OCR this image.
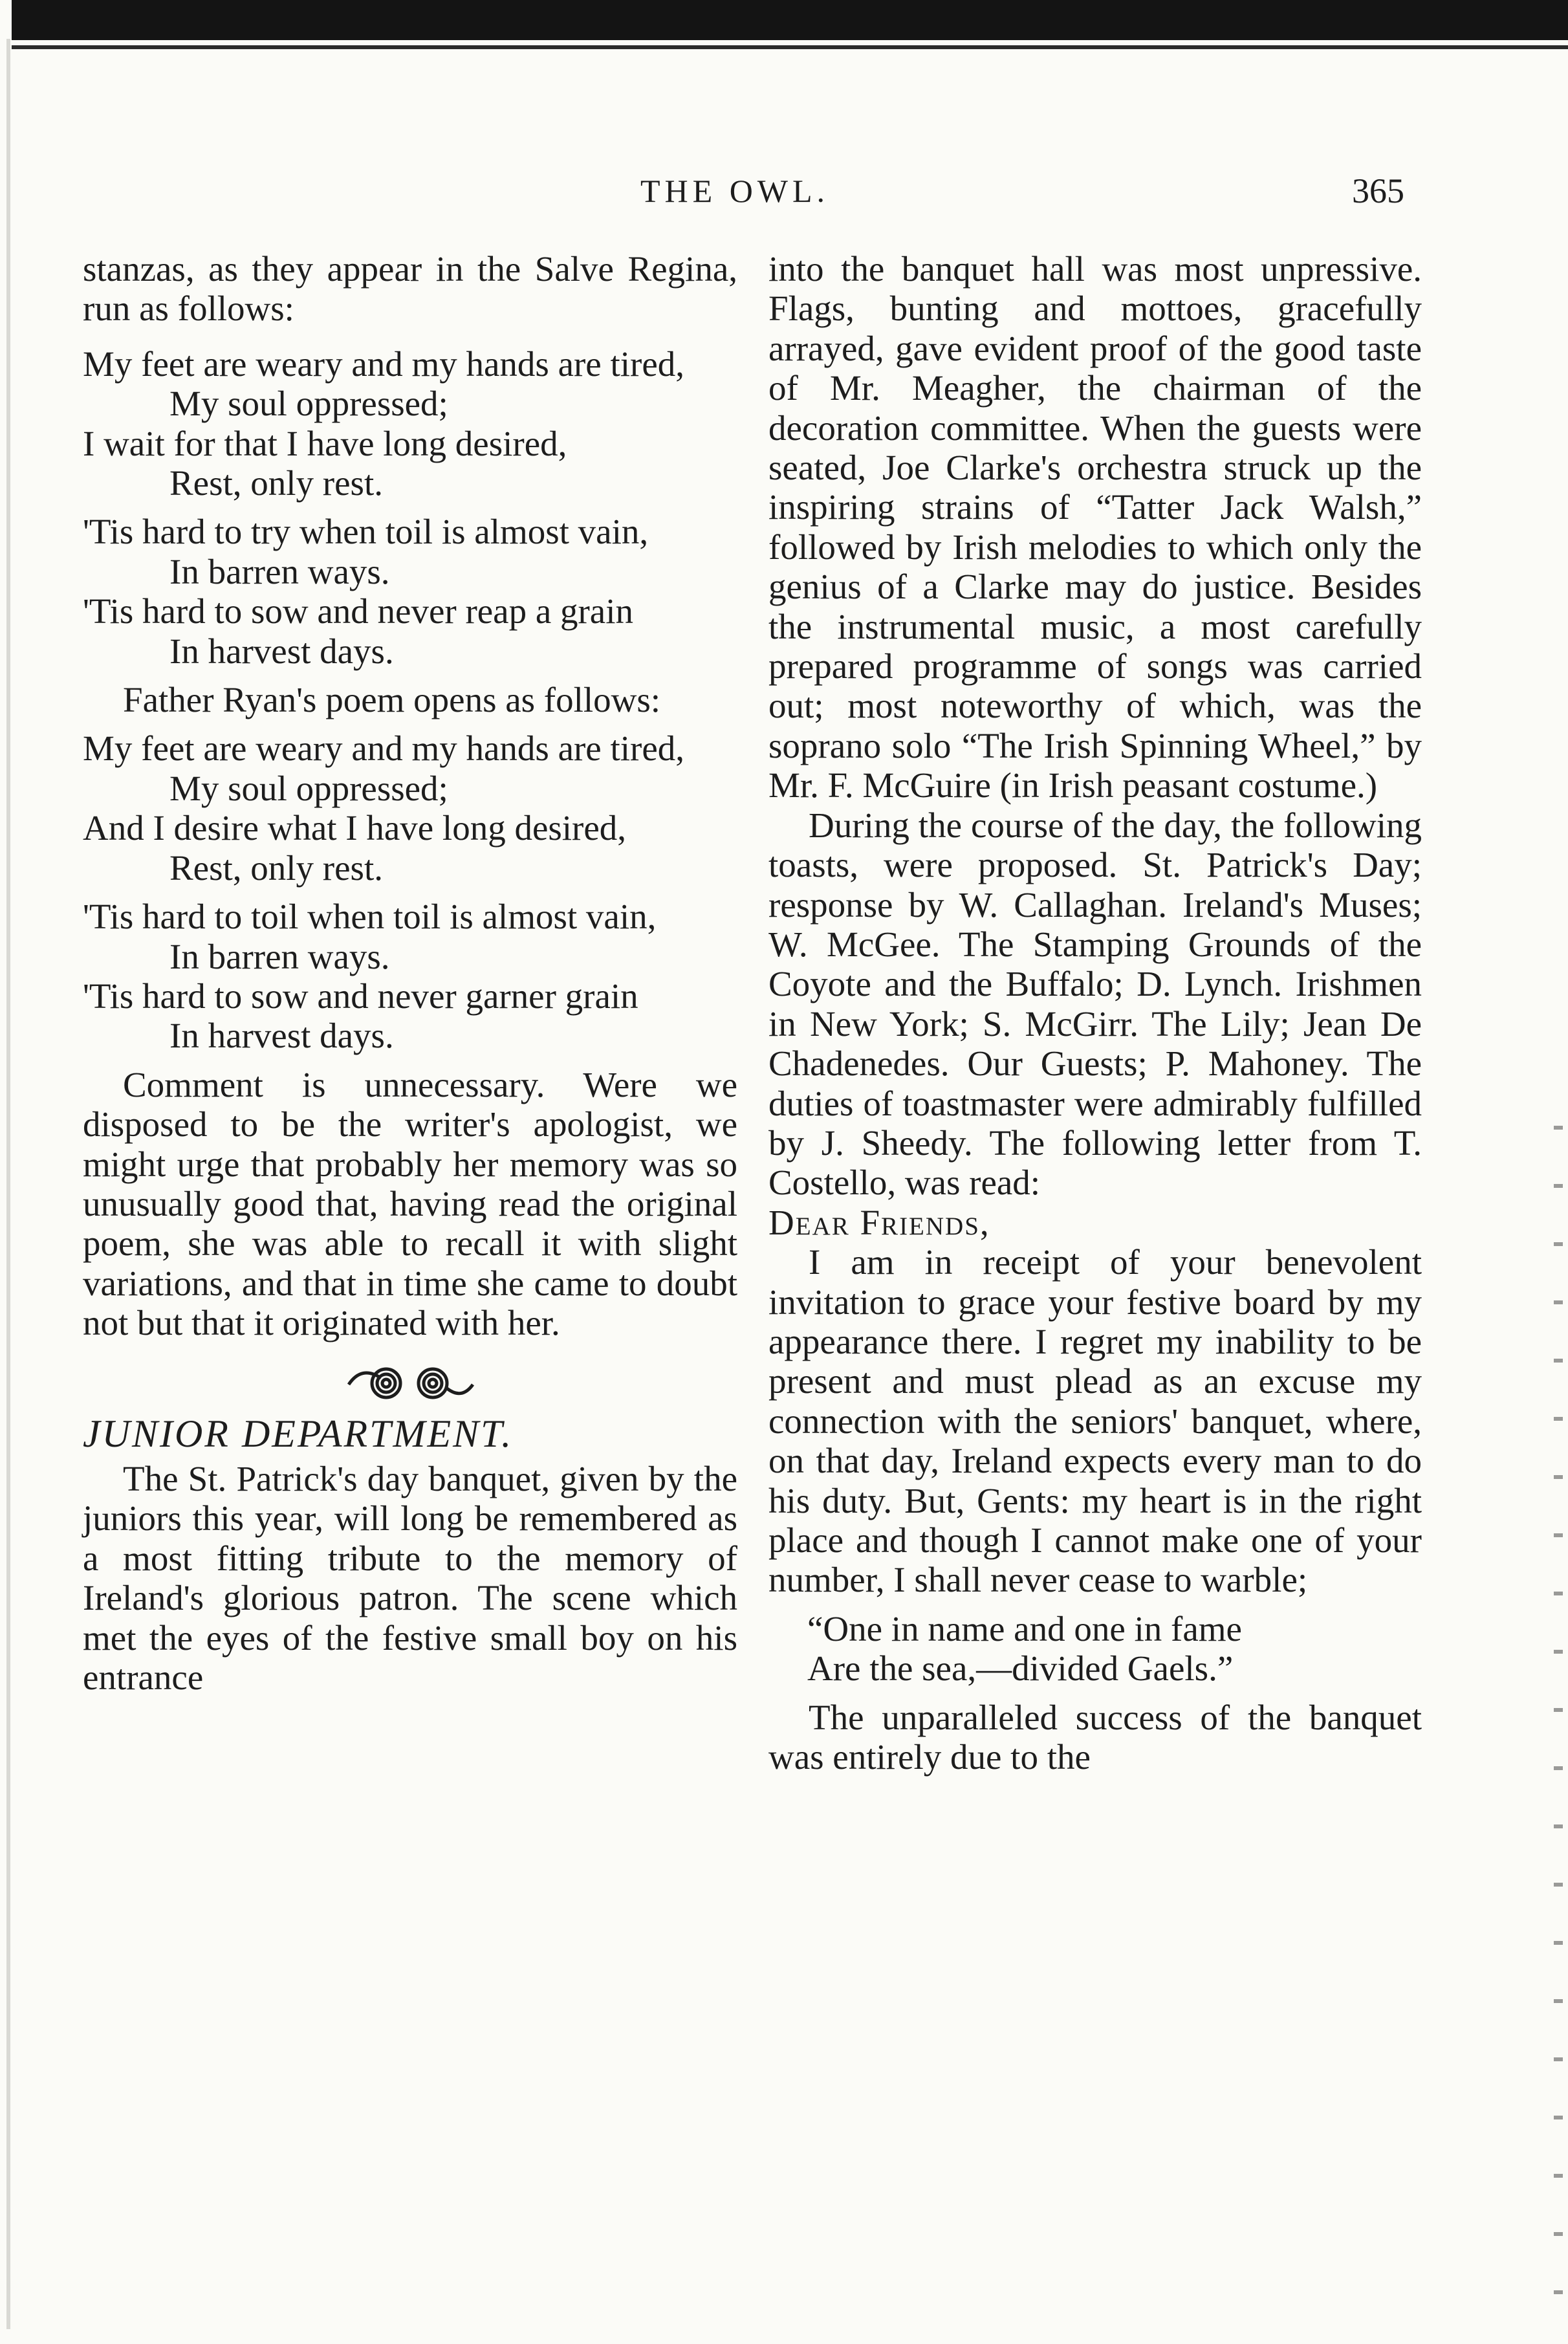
THE OWL.	365

stanzas, as they appear in the Salve Regina, run as follows:

My feet are weary and my hands are tired,

My soul oppressed;

I wait for that I have long desired,

Rest, only rest.

'Tis hard to try when toil is almost vain,

In barren ways.

'Tis hard to sow and never reap a grain

In harvest days.

Father Ryan's poem opens as follows:

My feet are weary and my hands are tired,

My soul oppressed;

And I desire what I have long desired,

Rest, only rest.

'Tis hard to toil when toil is almost vain,

In barren ways.

'Tis hard to sow and never garner grain

In harvest days.

Comment is unnecessary. Were we disposed to be the writer's apologist, we might urge that probably her memory was so unusually good that, having read the original poem, she was able to recall it with slight variations, and that in time she came to doubt not but that it originated with her.

JUNIOR DEPARTMENT.

The St. Patrick's day banquet, given by the juniors this year, will long be remembered as a most fitting tribute to the memory of Ireland's glorious patron. The scene which met the eyes of the festive small boy on his entrance

into the banquet hall was most unpressive. Flags, bunting and mottoes, gracefully arrayed, gave evident proof of the good taste of Mr. Meagher, the chairman of the decoration committee. When the guests were seated, Joe Clarke's orchestra struck up the inspiring strains of “Tatter Jack Walsh,” followed by Irish melodies to which only the genius of a Clarke may do justice. Besides the instrumental music, a most carefully prepared programme of songs was carried out; most noteworthy of which, was the soprano solo “The Irish Spinning Wheel,” by Mr. F. McGuire (in Irish peasant costume.)

During the course of the day, the following toasts, were proposed. St. Patrick's Day; response by W. Callaghan. Ireland's Muses; W. McGee. The Stamping Grounds of the Coyote and the Buffalo; D. Lynch. Irishmen in New York; S. McGirr. The Lily; Jean De Chadenedes. Our Guests; P. Mahoney. The duties of toastmaster were admirably fulfilled by J. Sheedy. The following letter from T. Costello, was read:

Dear Friends,

I am in receipt of your benevolent invitation to grace your festive board by my appearance there. I regret my inability to be present and must plead as an excuse my connection with the seniors' banquet, where, on that day, Ireland expects every man to do his duty. But, Gents: my heart is in the right place and though I cannot make one of your number, I shall never cease to warble;

“One in name and one in fame

Are the sea,—divided Gaels.”

The unparalleled success of the banquet was entirely due to the
